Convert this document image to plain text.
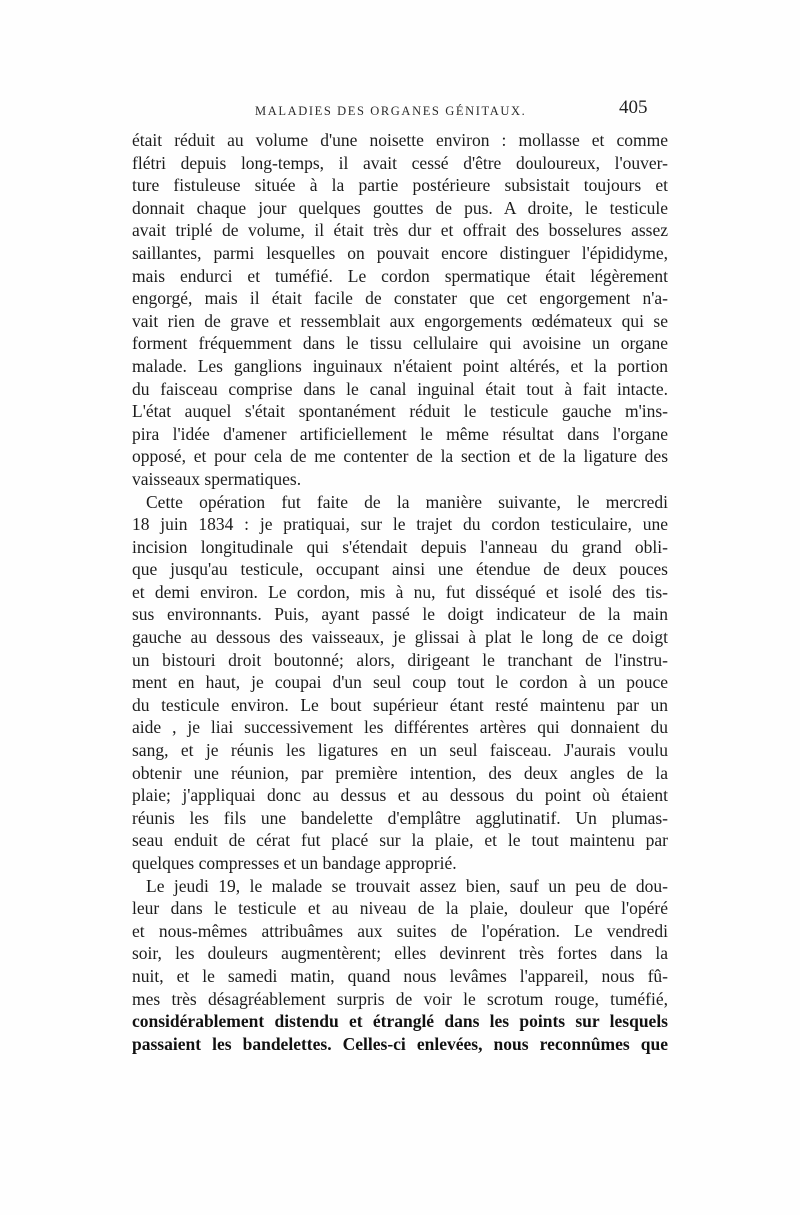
MALADIES DES ORGANES GÉNITAUX.	405
était réduit au volume d'une noisette environ : mollasse et comme
flétri depuis long-temps, il avait cessé d'être douloureux, l'ouver-
ture fistuleuse située à la partie postérieure subsistait toujours et
donnait chaque jour quelques gouttes de pus. A droite, le testicule
avait triplé de volume, il était très dur et offrait des bosselures assez
saillantes, parmi lesquelles on pouvait encore distinguer l'épididyme,
mais endurci et tuméfié. Le cordon spermatique était légèrement
engorgé, mais il était facile de constater que cet engorgement n'a-
vait rien de grave et ressemblait aux engorgements œdémateux qui se
forment fréquemment dans le tissu cellulaire qui avoisine un organe
malade. Les ganglions inguinaux n'étaient point altérés, et la portion
du faisceau comprise dans le canal inguinal était tout à fait intacte.
L'état auquel s'était spontanément réduit le testicule gauche m'ins-
pira l'idée d'amener artificiellement le même résultat dans l'organe
opposé, et pour cela de me contenter de la section et de la ligature des
vaisseaux spermatiques.
Cette opération fut faite de la manière suivante, le mercredi
18 juin 1834 : je pratiquai, sur le trajet du cordon testiculaire, une
incision longitudinale qui s'étendait depuis l'anneau du grand obli-
que jusqu'au testicule, occupant ainsi une étendue de deux pouces
et demi environ. Le cordon, mis à nu, fut disséqué et isolé des tis-
sus environnants. Puis, ayant passé le doigt indicateur de la main
gauche au dessous des vaisseaux, je glissai à plat le long de ce doigt
un bistouri droit boutonné; alors, dirigeant le tranchant de l'instru-
ment en haut, je coupai d'un seul coup tout le cordon à un pouce
du testicule environ. Le bout supérieur étant resté maintenu par un
aide , je liai successivement les différentes artères qui donnaient du
sang, et je réunis les ligatures en un seul faisceau. J'aurais voulu
obtenir une réunion, par première intention, des deux angles de la
plaie; j'appliquai donc au dessus et au dessous du point où étaient
réunis les fils une bandelette d'emplâtre agglutinatif. Un plumas-
seau enduit de cérat fut placé sur la plaie, et le tout maintenu par
quelques compresses et un bandage approprié.
Le jeudi 19, le malade se trouvait assez bien, sauf un peu de dou-
leur dans le testicule et au niveau de la plaie, douleur que l'opéré
et nous-mêmes attribuâmes aux suites de l'opération. Le vendredi
soir, les douleurs augmentèrent; elles devinrent très fortes dans la
nuit, et le samedi matin, quand nous levâmes l'appareil, nous fû-
mes très désagréablement surpris de voir le scrotum rouge, tuméfié,
considérablement distendu et étranglé dans les points sur lesquels
passaient les bandelettes. Celles-ci enlevées, nous reconnûmes que
